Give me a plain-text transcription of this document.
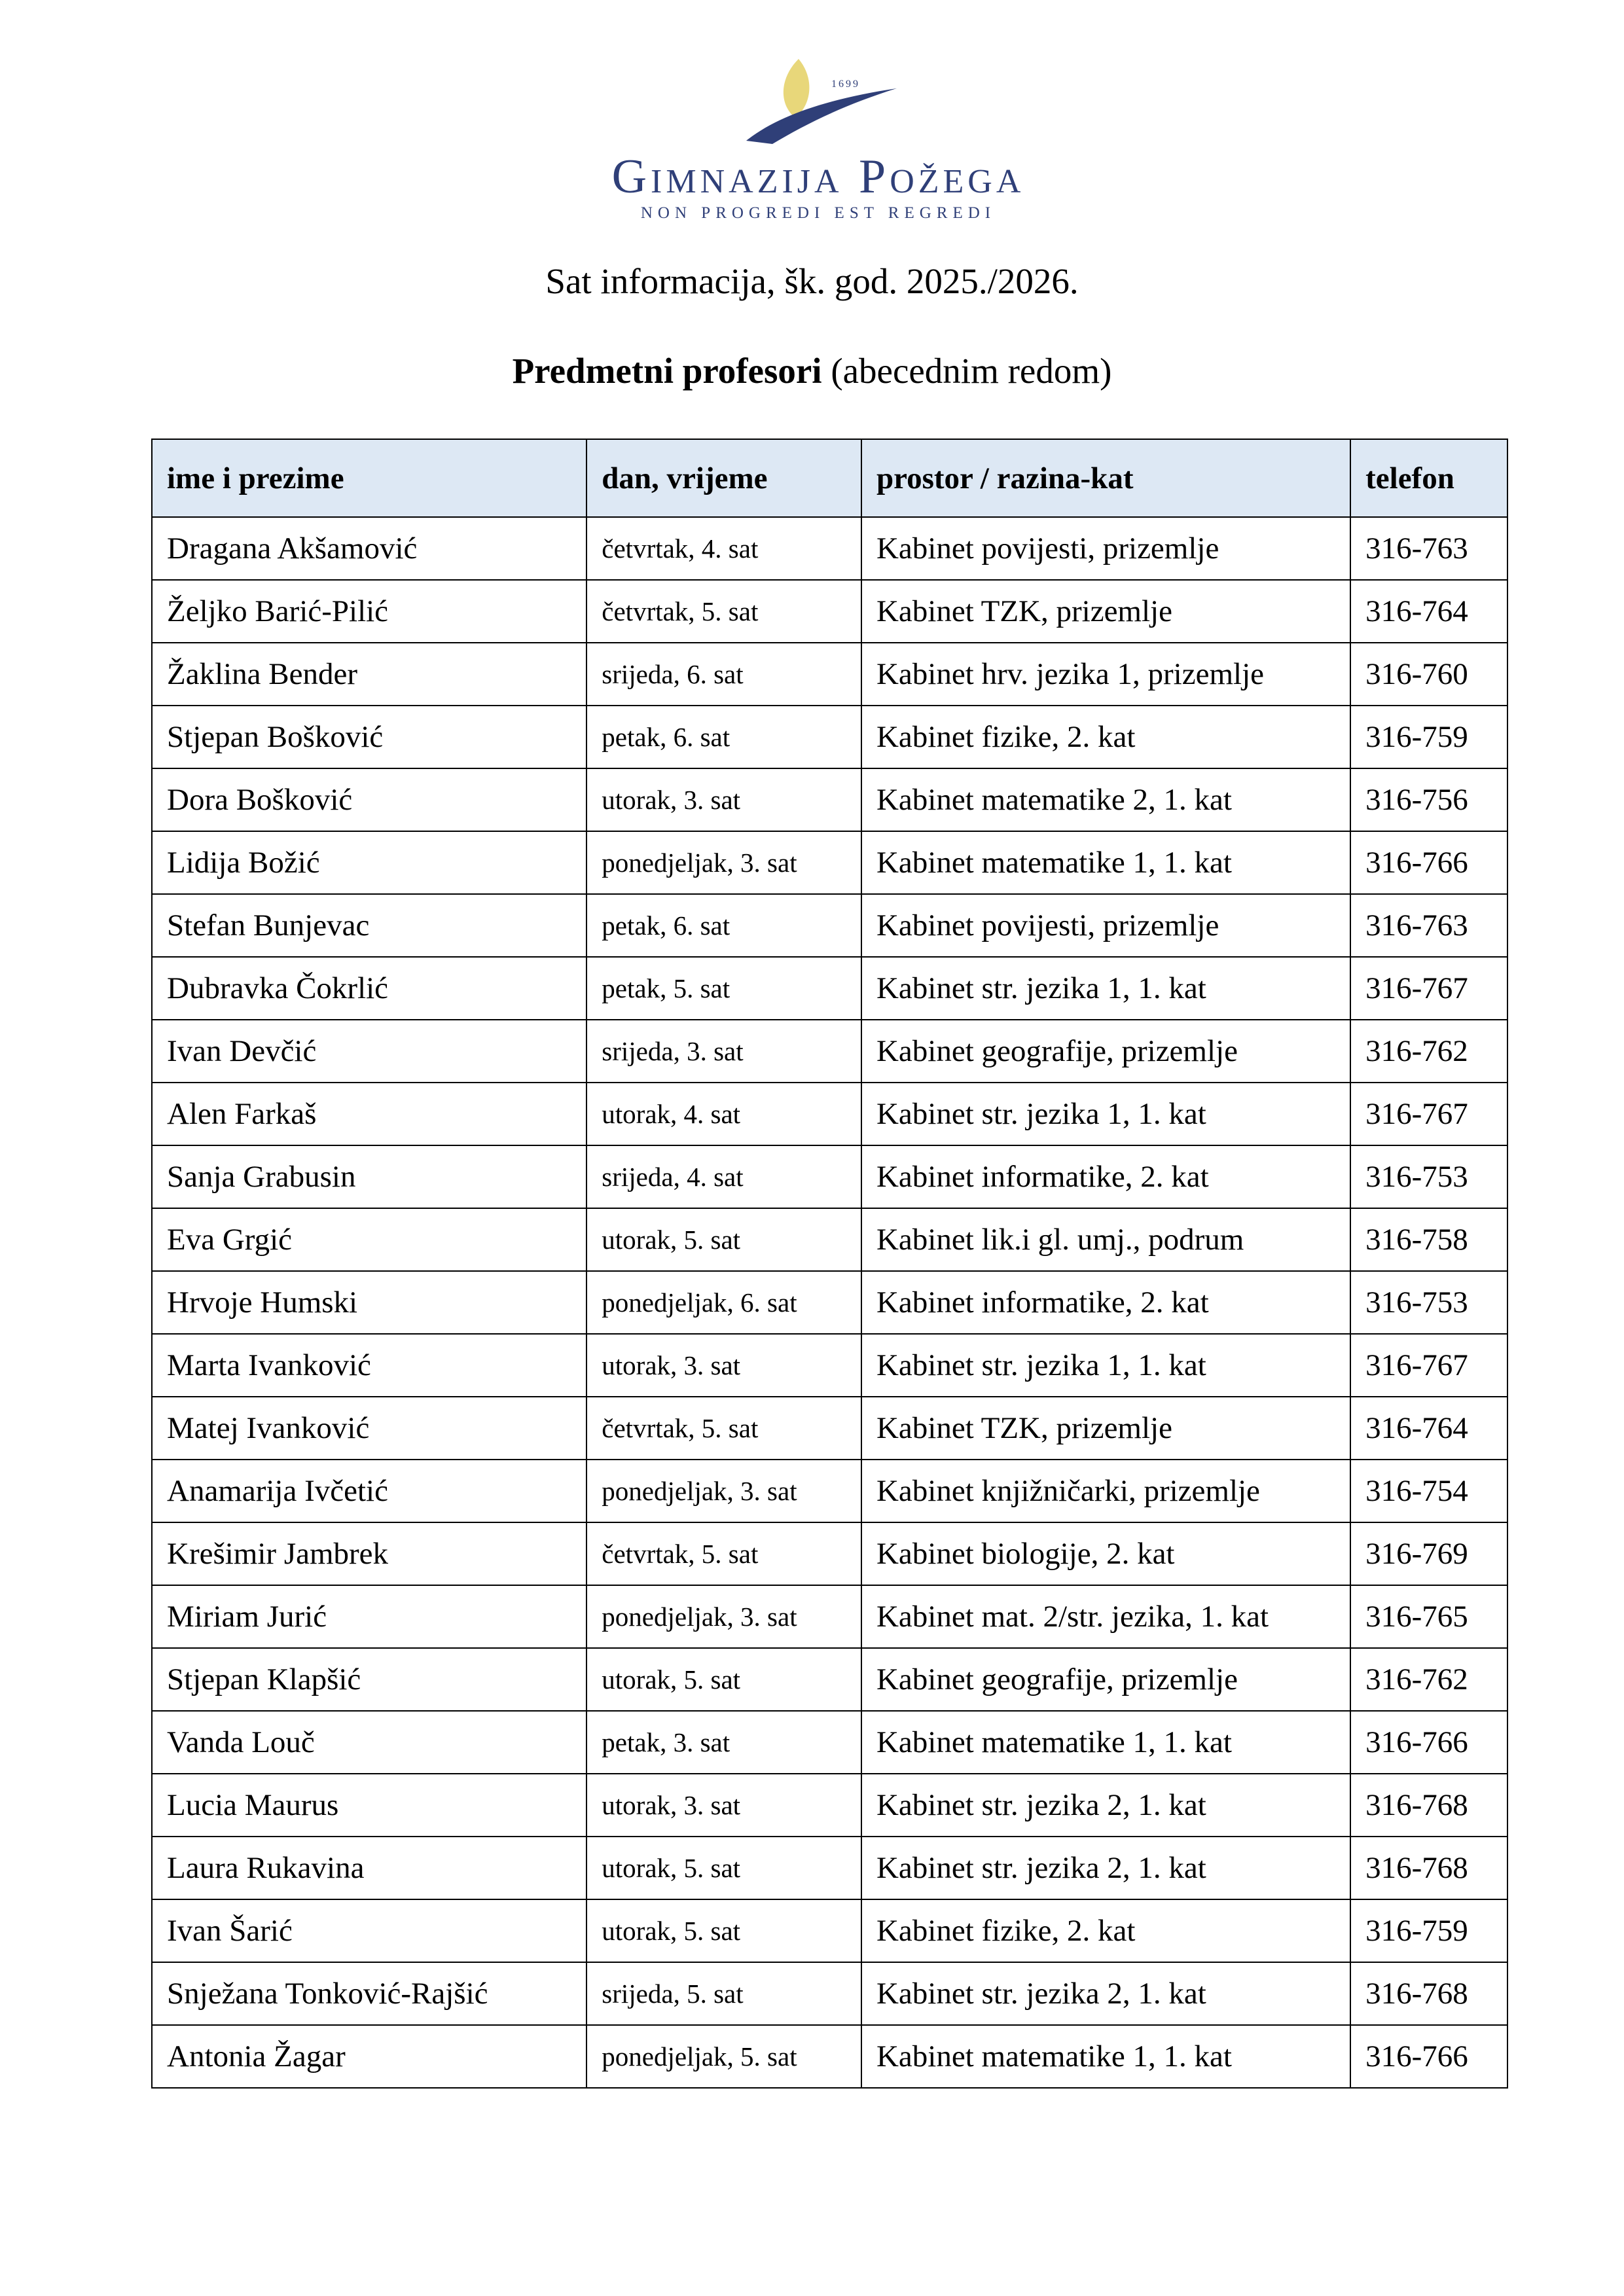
1699
Gimnazija Požega
NON PROGREDI EST REGREDI
Sat informacija, šk. god. 2025./2026.
Predmetni profesori (abecednim redom)
ime i prezime	dan, vrijeme	prostor / razina-kat	telefon
Dragana Akšamović	četvrtak, 4. sat	Kabinet povijesti, prizemlje	316-763
Željko Barić-Pilić	četvrtak, 5. sat	Kabinet TZK, prizemlje	316-764
Žaklina Bender	srijeda, 6. sat	Kabinet hrv. jezika 1, prizemlje	316-760
Stjepan Bošković	petak, 6. sat	Kabinet fizike, 2. kat	316-759
Dora Bošković	utorak, 3. sat	Kabinet matematike 2, 1. kat	316-756
Lidija Božić	ponedjeljak, 3. sat	Kabinet matematike 1, 1. kat	316-766
Stefan Bunjevac	petak, 6. sat	Kabinet povijesti, prizemlje	316-763
Dubravka Čokrlić	petak, 5. sat	Kabinet str. jezika 1, 1. kat	316-767
Ivan Devčić	srijeda, 3. sat	Kabinet geografije, prizemlje	316-762
Alen Farkaš	utorak, 4. sat	Kabinet str. jezika 1, 1. kat	316-767
Sanja Grabusin	srijeda, 4. sat	Kabinet informatike, 2. kat	316-753
Eva Grgić	utorak, 5. sat	Kabinet lik.i gl. umj., podrum	316-758
Hrvoje Humski	ponedjeljak, 6. sat	Kabinet informatike, 2. kat	316-753
Marta Ivanković	utorak, 3. sat	Kabinet str. jezika 1, 1. kat	316-767
Matej Ivanković	četvrtak, 5. sat	Kabinet TZK, prizemlje	316-764
Anamarija Ivčetić	ponedjeljak, 3. sat	Kabinet knjižničarki, prizemlje	316-754
Krešimir Jambrek	četvrtak, 5. sat	Kabinet biologije, 2. kat	316-769
Miriam Jurić	ponedjeljak, 3. sat	Kabinet mat. 2/str. jezika, 1. kat	316-765
Stjepan Klapšić	utorak, 5. sat	Kabinet geografije, prizemlje	316-762
Vanda Louč	petak, 3. sat	Kabinet matematike 1, 1. kat	316-766
Lucia Maurus	utorak, 3. sat	Kabinet str. jezika 2, 1. kat	316-768
Laura Rukavina	utorak, 5. sat	Kabinet str. jezika 2, 1. kat	316-768
Ivan Šarić	utorak, 5. sat	Kabinet fizike, 2. kat	316-759
Snježana Tonković-Rajšić	srijeda, 5. sat	Kabinet str. jezika 2, 1. kat	316-768
Antonia Žagar	ponedjeljak, 5. sat	Kabinet matematike 1, 1. kat	316-766
